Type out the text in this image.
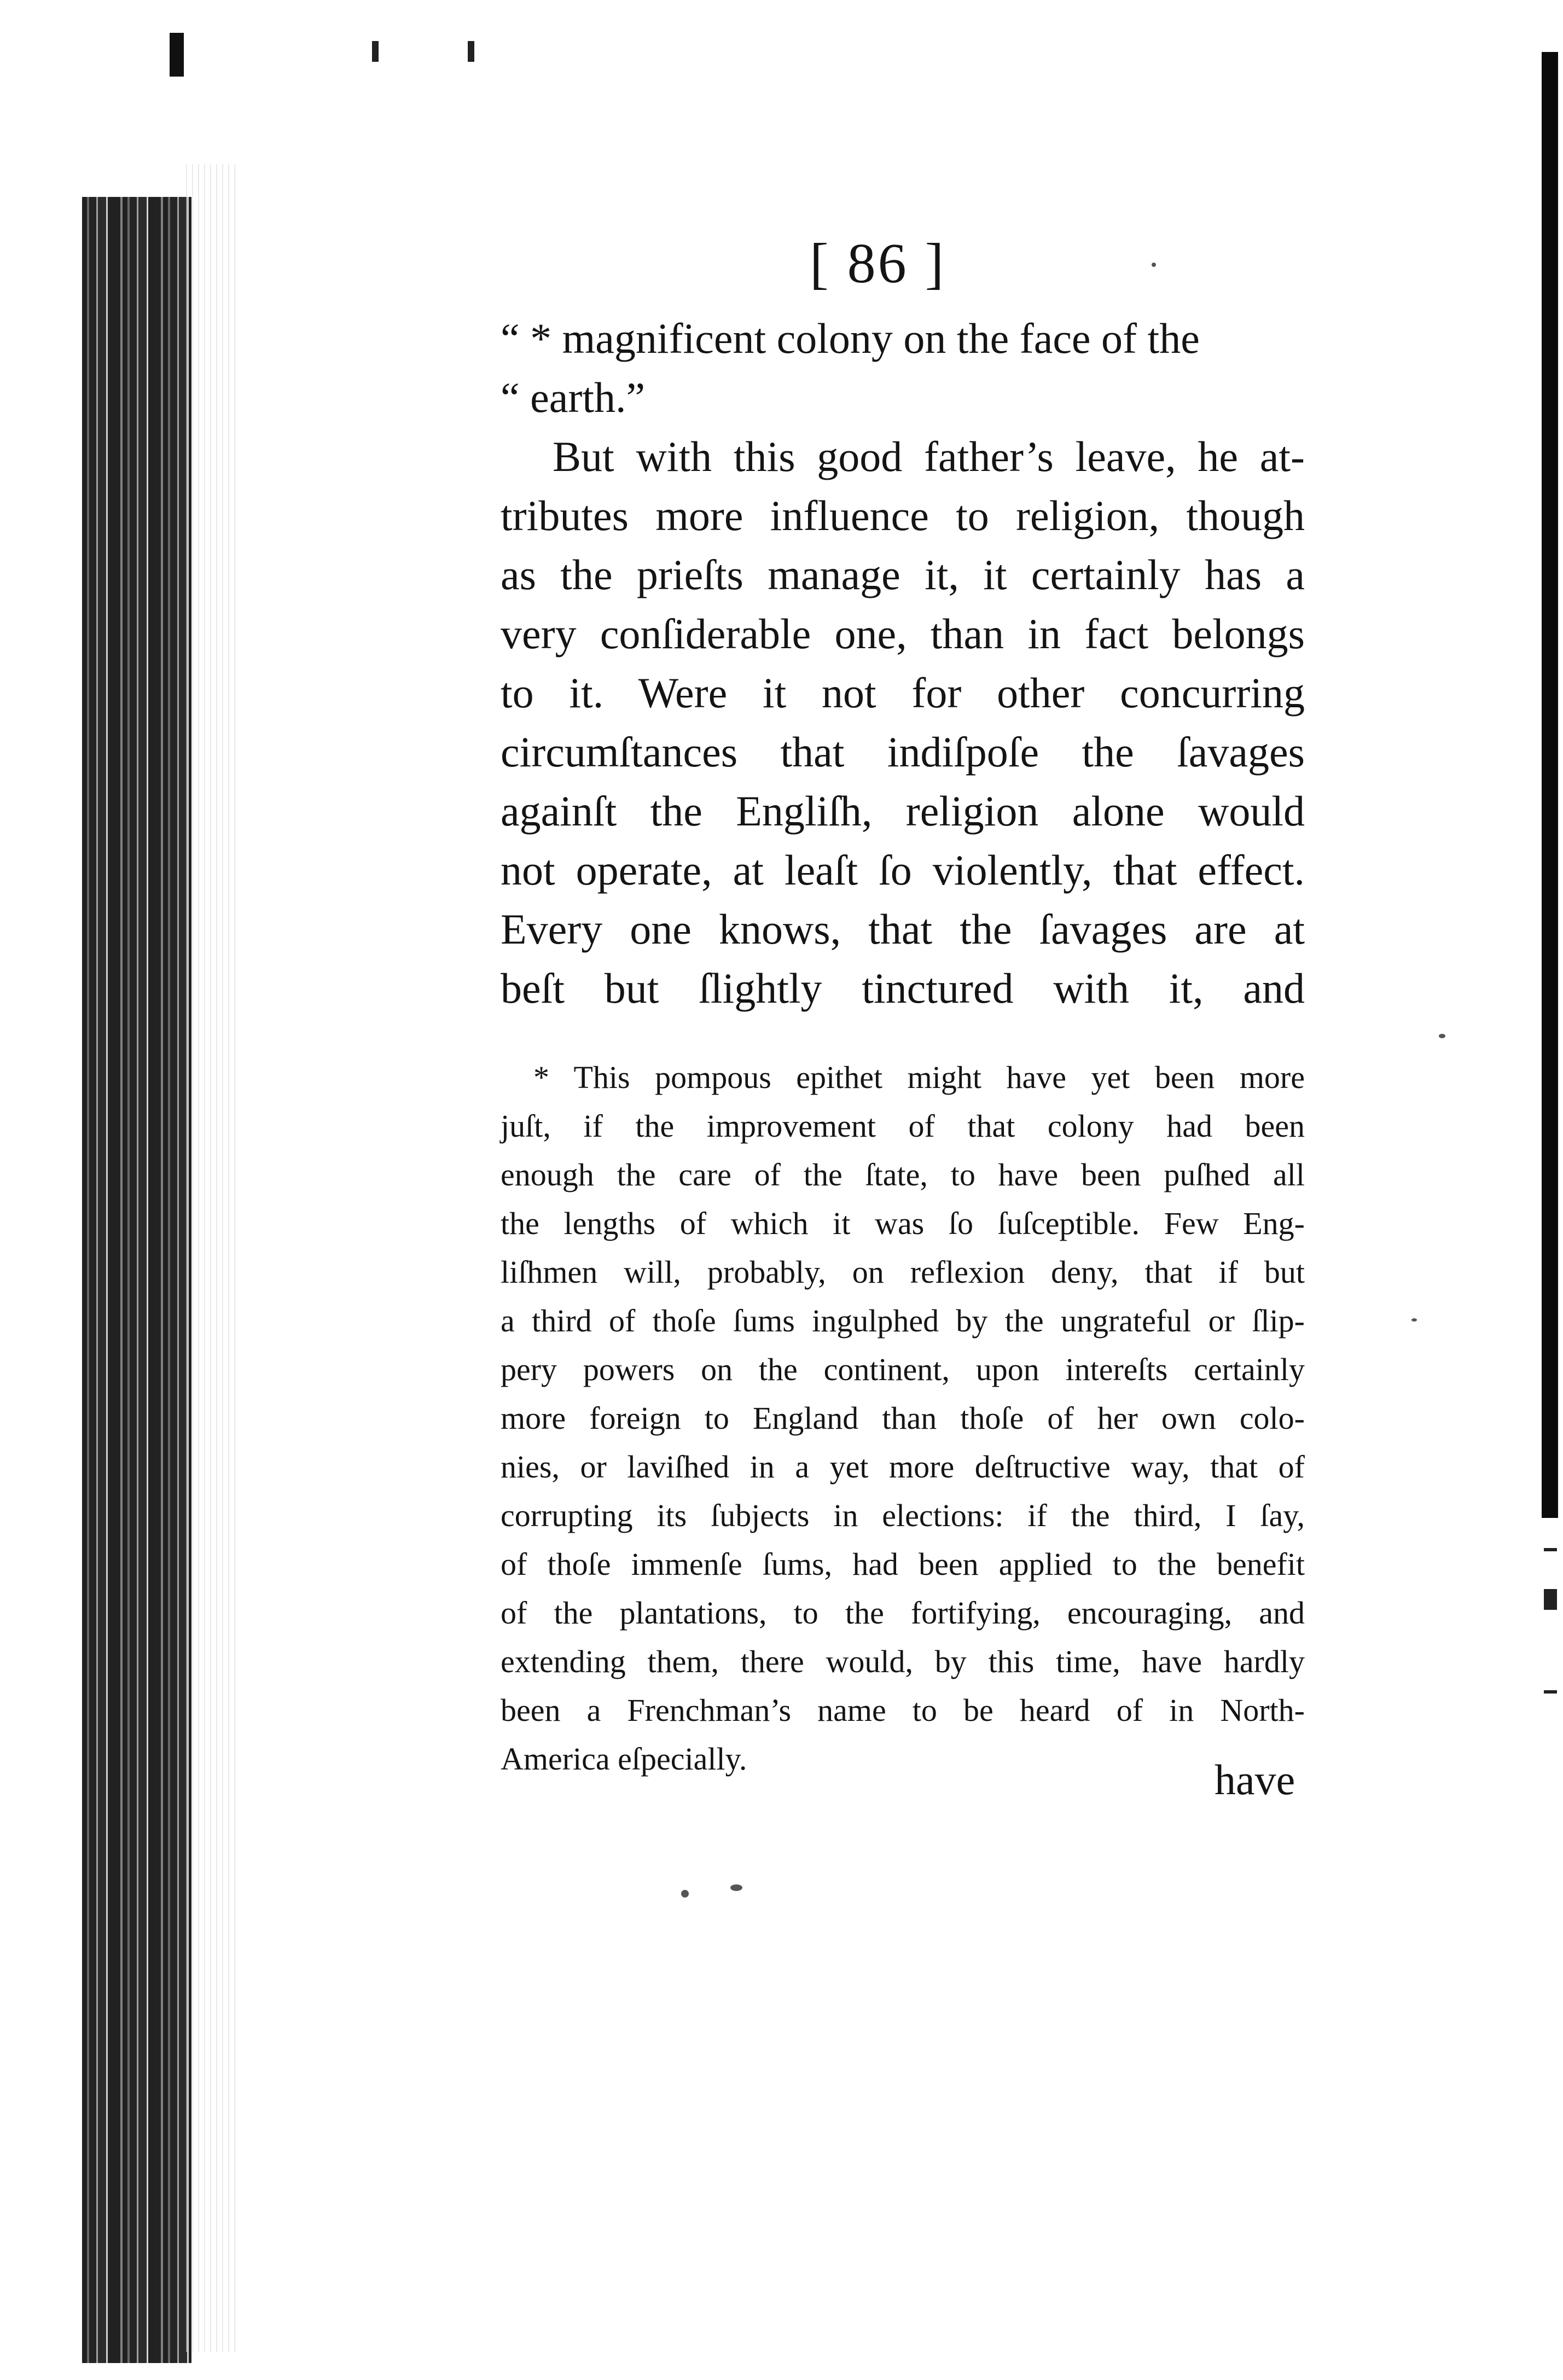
[ 86 ]

“ * magnificent colony on the face of the

“ earth.”

But with this good father’s leave, he at-

tributes more influence to religion, though

as the prieſts manage it, it certainly has a

very conſiderable one, than in fact belongs

to it. Were it not for other concurring

circumſtances that indiſpoſe the ſavages

againſt the Engliſh, religion alone would

not operate, at leaſt ſo violently, that effect.

Every one knows, that the ſavages are at

beſt but ſlightly tinctured with it, and

* This pompous epithet might have yet been more

juſt, if the improvement of that colony had been

enough the care of the ſtate, to have been puſhed all

the lengths of which it was ſo ſuſceptible. Few Eng-

liſhmen will, probably, on reflexion deny, that if but

a third of thoſe ſums ingulphed by the ungrateful or ſlip-

pery powers on the continent, upon intereſts certainly

more foreign to England than thoſe of her own colo-

nies, or laviſhed in a yet more deſtructive way, that of

corrupting its ſubjects in elections: if the third, I ſay,

of thoſe immenſe ſums, had been applied to the benefit

of the plantations, to the fortifying, encouraging, and

extending them, there would, by this time, have hardly

been a Frenchman’s name to be heard of in North-

America eſpecially.	have
